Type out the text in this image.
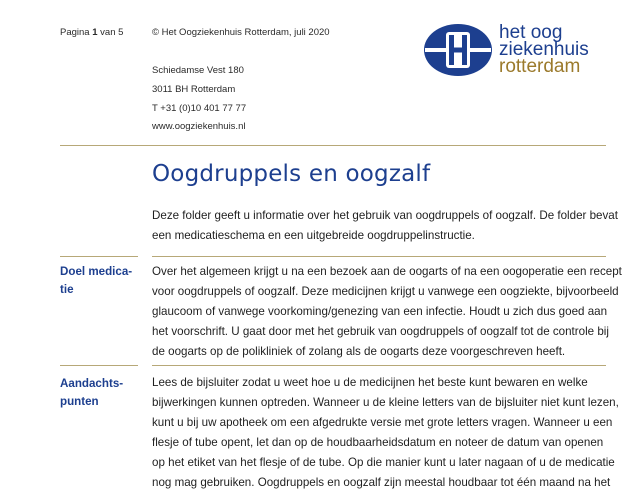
Pagina 1 van 5	© Het Oogziekenhuis Rotterdam, juli 2020
Schiedamse Vest 180
3011 BH Rotterdam
T +31 (0)10 401 77 77
www.oogziekenhuis.nl
het oog
ziekenhuis
rotterdam
Oogdruppels en oogzalf
Deze folder geeft u informatie over het gebruik van oogdruppels of oogzalf. De folder bevat
een medicatieschema en een uitgebreide oogdruppelinstructie.
Doel medica-
tie
Over het algemeen krijgt u na een bezoek aan de oogarts of na een oogoperatie een recept
voor oogdruppels of oogzalf. Deze medicijnen krijgt u vanwege een oogziekte, bijvoorbeeld
glaucoom of vanwege voorkoming/genezing van een infectie. Houdt u zich dus goed aan
het voorschrift. U gaat door met het gebruik van oogdruppels of oogzalf tot de controle bij
de oogarts op de polikliniek of zolang als de oogarts deze voorgeschreven heeft.
Aandachts-
punten
Lees de bijsluiter zodat u weet hoe u de medicijnen het beste kunt bewaren en welke
bijwerkingen kunnen optreden. Wanneer u de kleine letters van de bijsluiter niet kunt lezen,
kunt u bij uw apotheek om een afgedrukte versie met grote letters vragen. Wanneer u een
flesje of tube opent, let dan op de houdbaarheidsdatum en noteer de datum van openen
op het etiket van het flesje of de tube. Op die manier kunt u later nagaan of u de medicatie
nog mag gebruiken. Oogdruppels en oogzalf zijn meestal houdbaar tot één maand na het
